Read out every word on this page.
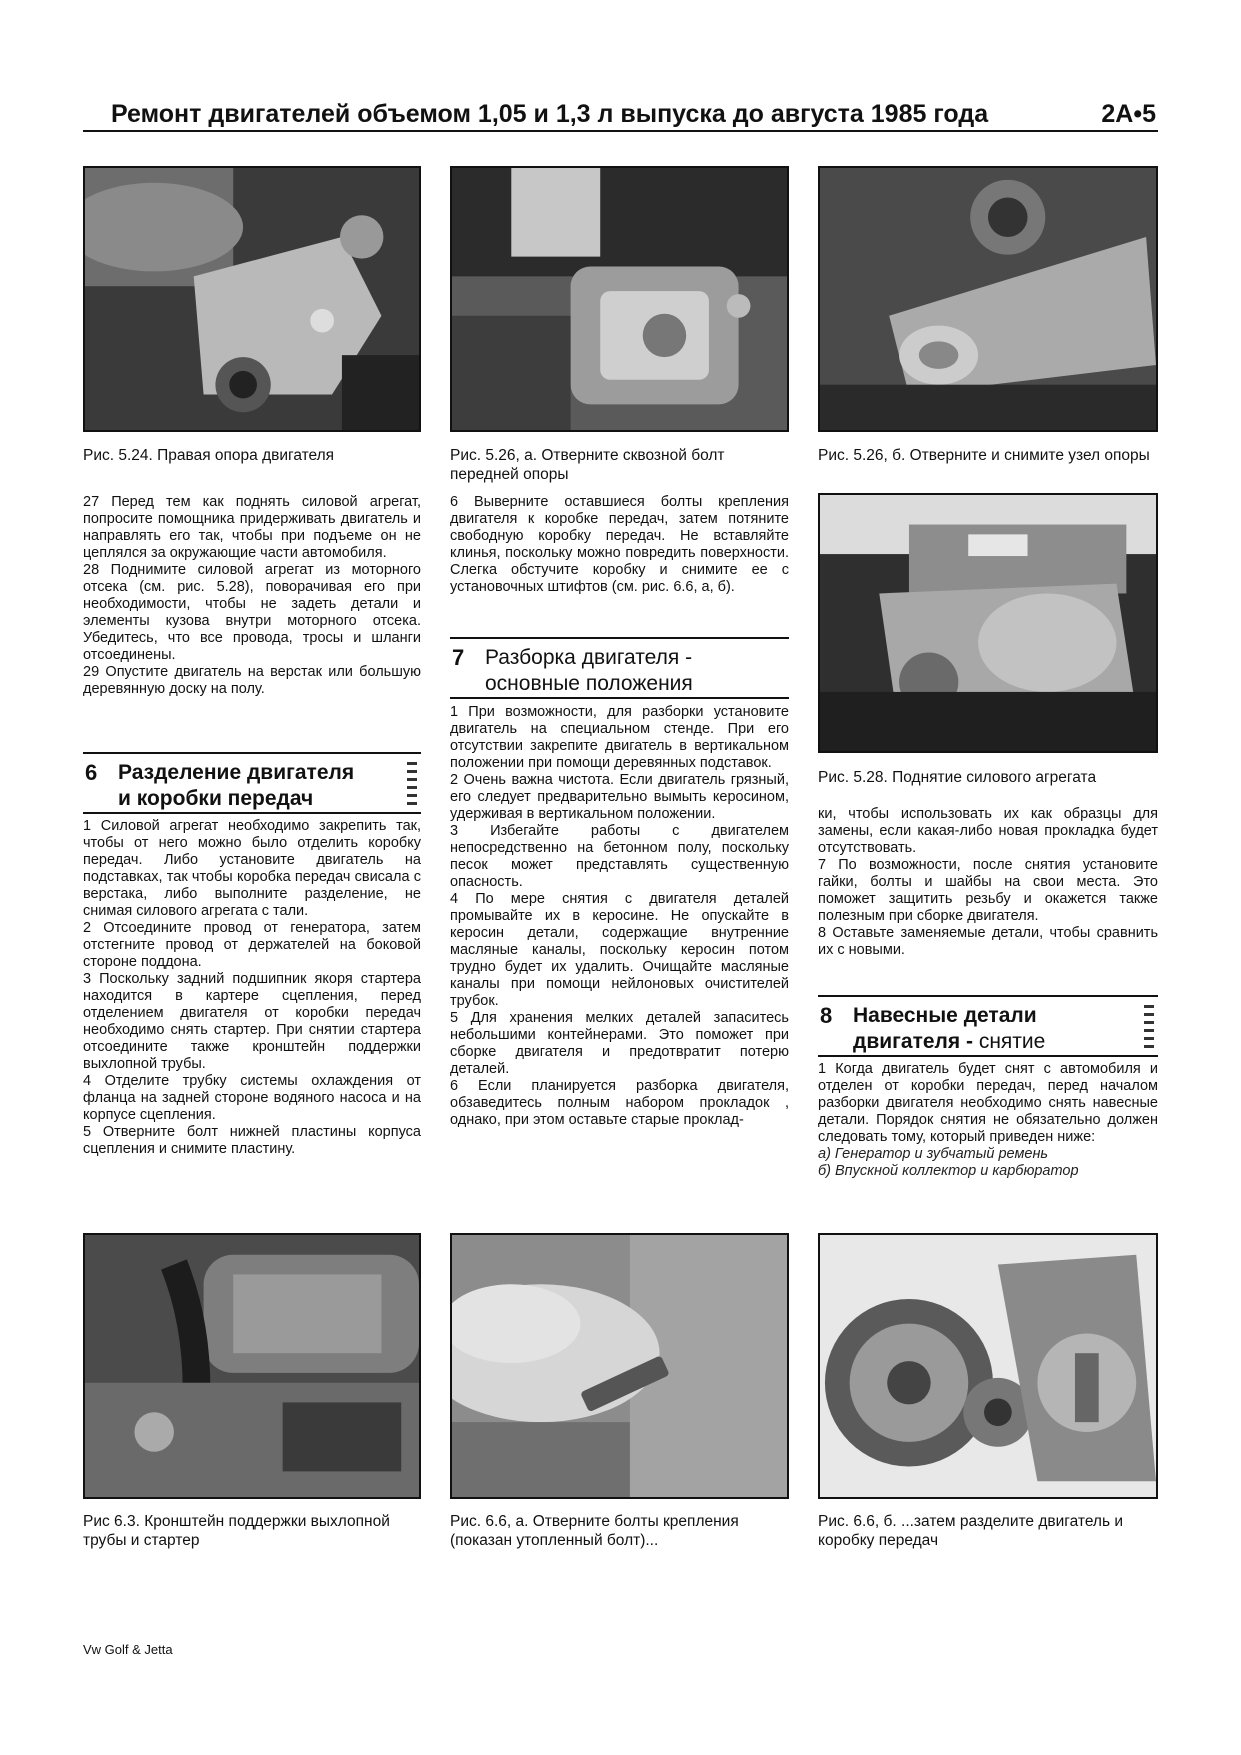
Ремонт двигателей объемом 1,05 и 1,3 л выпуска до августа 1985 года	2A•5
Рис. 5.24. Правая опора двигателя	Рис. 5.26, а. Отверните сквозной болт передней опоры
Рис. 5.26, б. Отверните и снимите узел опоры

27 Перед тем как поднять силовой агрегат, попросите помощника придерживать двигатель и направлять его так, чтобы при подъеме он не цеплялся за окружающие части автомобиля.

28 Поднимите силовой агрегат из моторного отсека (см. рис. 5.28), поворачивая его при необходимости, чтобы не задеть детали и элементы кузова внутри моторного отсека. Убедитесь, что все провода, тросы и шланги отсоединены.

29 Опустите двигатель на верстак или большую деревянную доску на полу.

6 Разделение двигателя
и коробки передач

1 Силовой агрегат необходимо закрепить так, чтобы от него можно было отделить коробку передач. Либо установите двигатель на подставках, так чтобы коробка передач свисала с верстака, либо выполните разделение, не снимая силового агрегата с тали.

2 Отсоедините провод от генератора, затем отстегните провод от держателей на боковой стороне поддона.

3 Поскольку задний подшипник якоря стартера находится в картере сцепления, перед отделением двигателя от коробки передач необходимо снять стартер. При снятии стартера отсоедините также кронштейн поддержки выхлопной трубы.

4 Отделите трубку системы охлаждения от фланца на задней стороне водяного насоса и на корпусе сцепления.

5 Отверните болт нижней пластины корпуса сцепления и снимите пластину.

6 Выверните оставшиеся болты крепления двигателя к коробке передач, затем потяните свободную коробку передач. Не вставляйте клинья, поскольку можно повредить поверхности. Слегка обстучите коробку и снимите ее с установочных штифтов (см. рис. 6.6, а, б).

7 Разборка двигателя -
основные положения

1 При возможности, для разборки установите двигатель на специальном стенде. При его отсутствии закрепите двигатель в вертикальном положении при помощи деревянных подставок.

2 Очень важна чистота. Если двигатель грязный, его следует предварительно вымыть керосином, удерживая в вертикальном положении.

3 Избегайте работы с двигателем непосредственно на бетонном полу, поскольку песок может представлять существенную опасность.

4 По мере снятия с двигателя деталей промывайте их в керосине. Не опускайте в керосин детали, содержащие внутренние масляные каналы, поскольку керосин потом трудно будет их удалить. Очищайте масляные каналы при помощи нейлоновых очистителей трубок.

5 Для хранения мелких деталей запаситесь небольшими контейнерами. Это поможет при сборке двигателя и предотвратит потерю деталей.

6 Если планируется разборка двигателя, обзаведитесь полным набором прокладок , однако, при этом оставьте старые проклад-

Рис. 5.28. Поднятие силового агрегата

ки, чтобы использовать их как образцы для замены, если какая-либо новая прокладка будет отсутствовать.

7 По возможности, после снятия установите гайки, болты и шайбы на свои места. Это поможет защитить резьбу и окажется также полезным при сборке двигателя.

8 Оставьте заменяемые детали, чтобы сравнить их с новыми.

8 Навесные детали
двигателя - снятие

1 Когда двигатель будет снят с автомобиля и отделен от коробки передач, перед началом разборки двигателя необходимо снять навесные детали. Порядок снятия не обязательно должен следовать тому, который приведен ниже:

а) Генератор и зубчатый ремень

б) Впускной коллектор и карбюратор

Рис 6.3. Кронштейн поддержки выхлопной трубы и стартер
Рис. 6.6, а. Отверните болты крепления (показан утопленный болт)...
Рис. 6.6, б. ...затем разделите двигатель и коробку передач
Vw Golf & Jetta
